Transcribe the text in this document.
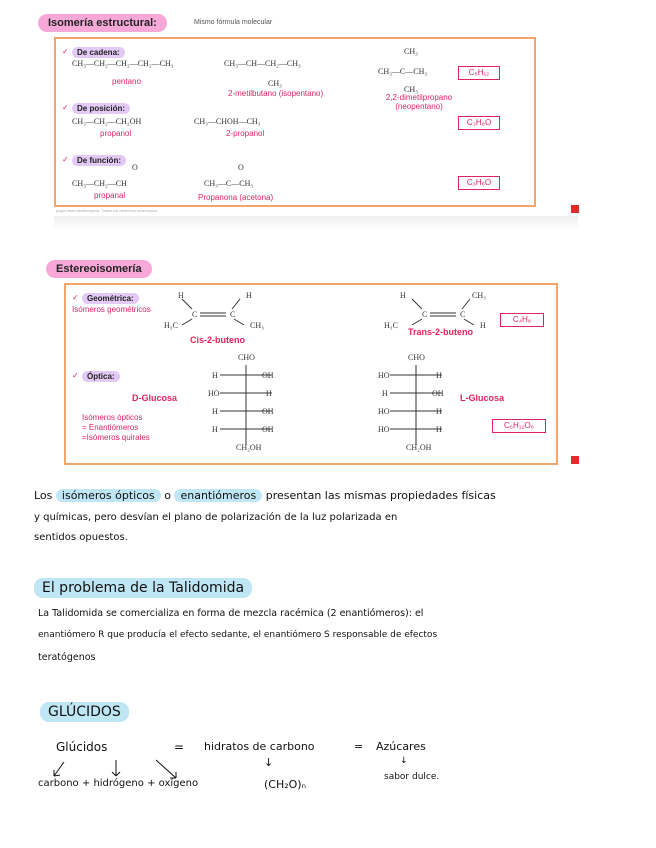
Isomería estructural:	Mismo fórmula molecular
✓	De cadena:
CH₃—CH₂—CH₂—CH₂—CH₃
pentano
CH₃—CH—CH₂—CH₃
CH₃
2-metilbutano (isopentano)
CH₃
CH₃—C—CH₃
CH₃
2,2-dimetilpropano (neopentano)
C₅H₁₂
✓	De posición:
CH₃—CH₂—CH₂OH
propanol
CH₃—CHOH—CH₃
2-propanol
C₃H₈O
✓	De función:
O
CH₃—CH₂—CH
propanal
O
CH₃—C—CH₃
Propanona (acetona)
C₃H₆O
págin línea desbloqueos. Todos los derechos reservados.
Estereoisomería
✓	Geométrica:
Isómeros geométricos
H	H
C	C
H₃C	CH₃
Cis-2-buteno
H	CH₃
C	C
H₃C	H
Trans-2-buteno
C₄H₈
✓	Óptica:
D-Glucosa
Isómeros ópticos
= Enantiómeros
=Isómeros quirales
CHO
H	OH
HO	H
H	OH
H	OH
CH₂OH
CHO
HO	H
H	OH
HO	H
HO	H
CH₂OH
L-Glucosa
C₆H₁₂O₆
Los isómeros ópticos o enantiómeros presentan las mismas propiedades físicas
y químicas, pero desvían el plano de polarización de la luz polarizada en
sentidos opuestos.
El problema de la Talidomida
La Talidomida se comercializa en forma de mezcla racémica (2 enantiómeros): el
enantiómero R que producía el efecto sedante, el enantiómero S responsable de efectos
teratógenos
GLÚCIDOS
Glúcidos	= hidratos de carbono	= Azúcares
↓	↓
carbono + hidrógeno + oxígeno	(CH₂O)ₙ
sabor dulce.
